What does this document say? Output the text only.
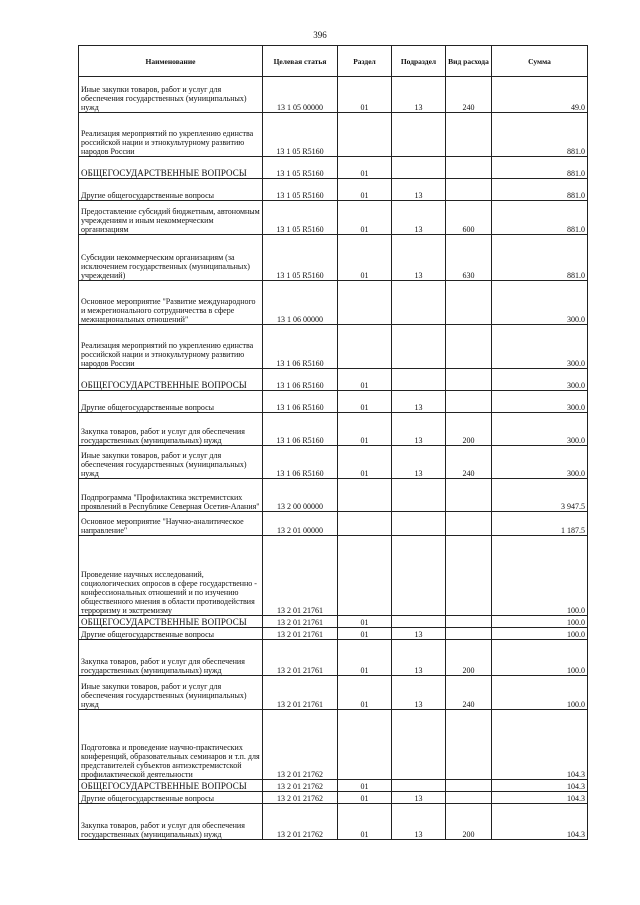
396
Наименование	Целевая статья	Раздел	Подраздел	Вид расхода	Сумма
Иные закупки товаров, работ и услуг для обеспечения государственных (муниципальных) нужд	13 1 05 00000	01	13	240	49.0
Реализация мероприятий по укреплению единства российской нации и этнокультурному развитию народов России	13 1 05 R5160				881.0
ОБЩЕГОСУДАРСТВЕННЫЕ ВОПРОСЫ	13 1 05 R5160	01			881.0
Другие общегосударственные вопросы	13 1 05 R5160	01	13		881.0
Предоставление субсидий бюджетным, автономным учреждениям и иным некоммерческим организациям	13 1 05 R5160	01	13	600	881.0
Субсидии некоммерческим организациям (за исключением государственных (муниципальных) учреждений)	13 1 05 R5160	01	13	630	881.0
Основное мероприятие "Развитие международного и межрегионального сотрудничества в сфере межнациональных отношений"	13 1 06 00000				300.0
Реализация мероприятий по укреплению единства российской нации и этнокультурному развитию народов России	13 1 06 R5160				300.0
ОБЩЕГОСУДАРСТВЕННЫЕ ВОПРОСЫ	13 1 06 R5160	01			300.0
Другие общегосударственные вопросы	13 1 06 R5160	01	13		300.0
Закупка товаров, работ и услуг для обеспечения государственных (муниципальных) нужд	13 1 06 R5160	01	13	200	300.0
Иные закупки товаров, работ и услуг для обеспечения государственных (муниципальных) нужд	13 1 06 R5160	01	13	240	300.0
Подпрограмма "Профилактика экстремистских проявлений в Республике Северная Осетия-Алания"	13 2 00 00000				3 947.5
Основное мероприятие "Научно-аналитическое направление"	13 2 01 00000				1 187.5
Проведение научных исследований, социологических опросов в сфере государственно - конфессиональных отношений и по изучению общественного мнения в области противодействия терроризму и экстремизму	13 2 01 21761				100.0
ОБЩЕГОСУДАРСТВЕННЫЕ ВОПРОСЫ	13 2 01 21761	01			100.0
Другие общегосударственные вопросы	13 2 01 21761	01	13		100.0
Закупка товаров, работ и услуг для обеспечения государственных (муниципальных) нужд	13 2 01 21761	01	13	200	100.0
Иные закупки товаров, работ и услуг для обеспечения государственных (муниципальных) нужд	13 2 01 21761	01	13	240	100.0
Подготовка и проведение научно-практических конференций, образовательных семинаров и т.п. для представителей субъектов антиэкстремистской профилактической деятельности	13 2 01 21762				104.3
ОБЩЕГОСУДАРСТВЕННЫЕ ВОПРОСЫ	13 2 01 21762	01			104.3
Другие общегосударственные вопросы	13 2 01 21762	01	13		104.3
Закупка товаров, работ и услуг для обеспечения государственных (муниципальных) нужд	13 2 01 21762	01	13	200	104.3
